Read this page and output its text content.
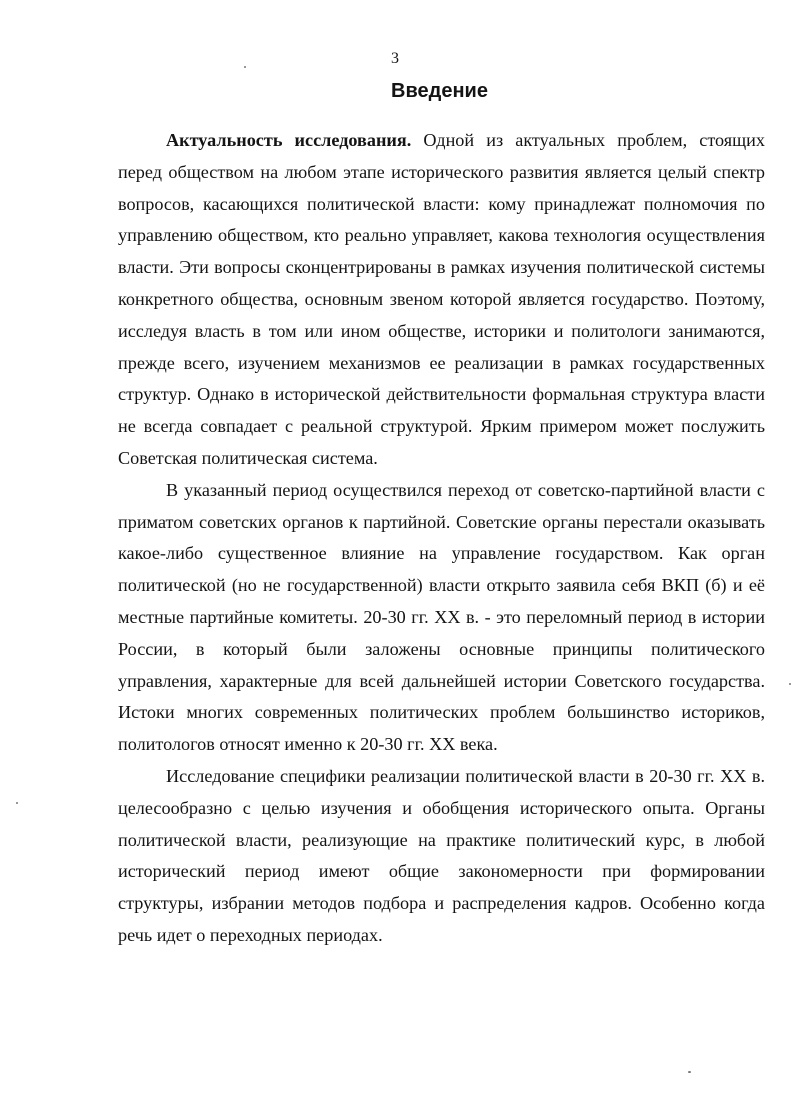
3
Введение

Актуальность исследования. Одной из актуальных проблем, стоящих перед обществом на любом этапе исторического развития является целый спектр вопросов, касающихся политической власти: кому принадлежат полномочия по управлению обществом, кто реально управляет, какова технология осуществления власти. Эти вопросы сконцентрированы в рамках изучения политической системы конкретного общества, основным звеном которой является государство. Поэтому, исследуя власть в том или ином обществе, историки и политологи занимаются, прежде всего, изучением механизмов ее реализации в рамках государственных структур. Однако в исторической действительности формальная структура власти не всегда совпадает с реальной структурой. Ярким примером может послужить Советская политическая система.

В указанный период осуществился переход от советско-партийной власти с приматом советских органов к партийной. Советские органы перестали оказывать какое-либо существенное влияние на управление государством. Как орган политической (но не государственной) власти открыто заявила себя ВКП (б) и её местные партийные комитеты. 20-30 гг. XX в. - это переломный период в истории России, в который были заложены основные принципы политического управления, характерные для всей дальнейшей истории Советского государства. Истоки многих современных политических проблем большинство историков, политологов относят именно к 20-30 гг. XX века.

Исследование специфики реализации политической власти в 20-30 гг. XX в. целесообразно с целью изучения и обобщения исторического опыта. Органы политической власти, реализующие на практике политический курс, в любой исторический период имеют общие закономерности при формировании структуры, избрании методов подбора и распределения кадров. Особенно когда речь идет о переходных периодах.
